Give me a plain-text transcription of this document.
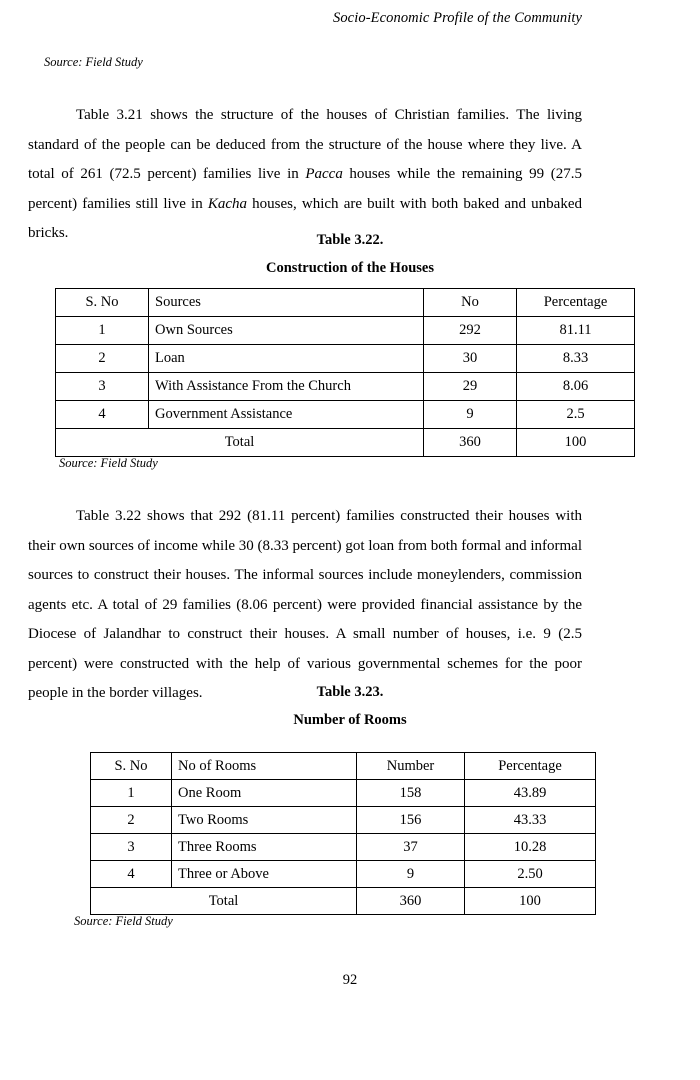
Socio-Economic Profile of the Community
Source: Field Study

Table 3.21 shows the structure of the houses of Christian families. The living standard of the people can be deduced from the structure of the house where they live. A total of 261 (72.5 percent) families live in Pacca houses while the remaining 99 (27.5 percent) families still live in Kacha houses, which are built with both baked and unbaked bricks.	Table 3.22.
Construction of the Houses
S. No	Sources	No	Percentage
1	Own Sources	292	81.11
2	Loan	30	8.33
3	With Assistance From the Church	29	8.06
4	Government Assistance	9	2.5
Total		360	100
Source: Field Study

Table 3.22 shows that 292 (81.11 percent) families constructed their houses with their own sources of income while 30 (8.33 percent) got loan from both formal and informal sources to construct their houses. The informal sources include moneylenders, commission agents etc. A total of 29 families (8.06 percent) were provided financial assistance by the Diocese of Jalandhar to construct their houses. A small number of houses, i.e. 9 (2.5 percent) were constructed with the help of various governmental schemes for the poor people in the border villages.	Table 3.23.
Number of Rooms
S. No	No of Rooms	Number	Percentage
1	One Room	158	43.89
2	Two Rooms	156	43.33
3	Three Rooms	37	10.28
4	Three or Above	9	2.50
Total		360	100
Source: Field Study
92
